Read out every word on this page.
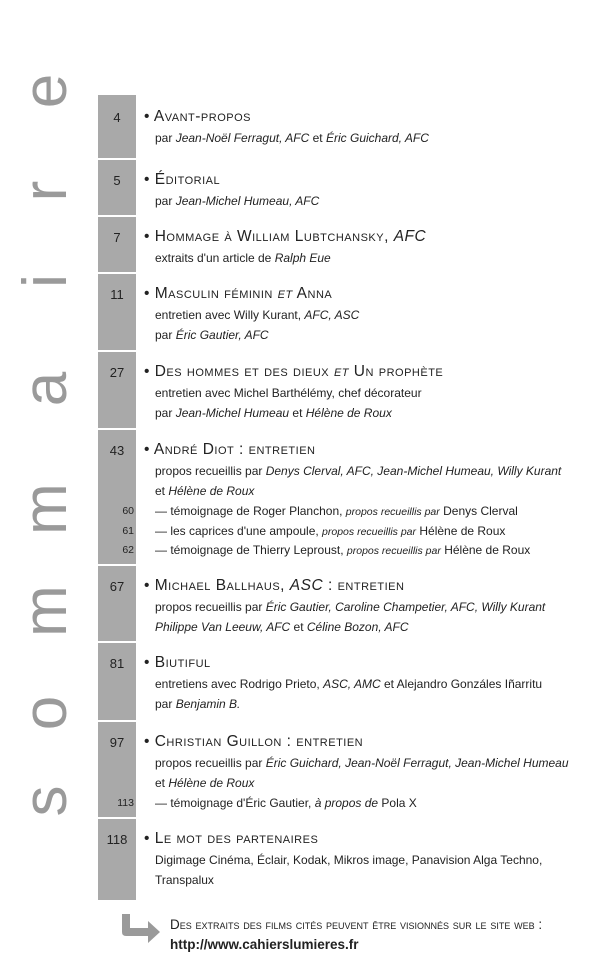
s
o
m
m
a
i
r
e
4	• Avant-propos
par Jean-Noël Ferragut, AFC et Éric Guichard, AFC
5	• Éditorial
par Jean-Michel Humeau, AFC
7	• Hommage à William Lubtchansky, AFC
extraits d'un article de Ralph Eue
11	• Masculin féminin et Anna
entretien avec Willy Kurant, AFC, ASC
par Éric Gautier, AFC
27	• Des hommes et des dieux et Un prophète
entretien avec Michel Barthélémy, chef décorateur
par Jean-Michel Humeau et Hélène de Roux
43	• André Diot : entretien
propos recueillis par Denys Clerval, AFC, Jean-Michel Humeau, Willy Kurant
et Hélène de Roux
60 — témoignage de Roger Planchon, propos recueillis par Denys Clerval
61 — les caprices d'une ampoule, propos recueillis par Hélène de Roux
62 — témoignage de Thierry Leproust, propos recueillis par Hélène de Roux
67	• Michael Ballhaus, ASC : entretien
propos recueillis par Éric Gautier, Caroline Champetier, AFC, Willy Kurant
Philippe Van Leeuw, AFC et Céline Bozon, AFC
81	• Biutiful
entretiens avec Rodrigo Prieto, ASC, AMC et Alejandro Gonzáles Iñarritu
par Benjamin B.
97	• Christian Guillon : entretien
propos recueillis par Éric Guichard, Jean-Noël Ferragut, Jean-Michel Humeau
et Hélène de Roux
113 — témoignage d'Éric Gautier, à propos de Pola X
118	• Le mot des partenaires
Digimage Cinéma, Éclair, Kodak, Mikros image, Panavision Alga Techno,
Transpalux
Des extraits des films cités peuvent être visionnés sur le site web :
http://www.cahierslumieres.fr
